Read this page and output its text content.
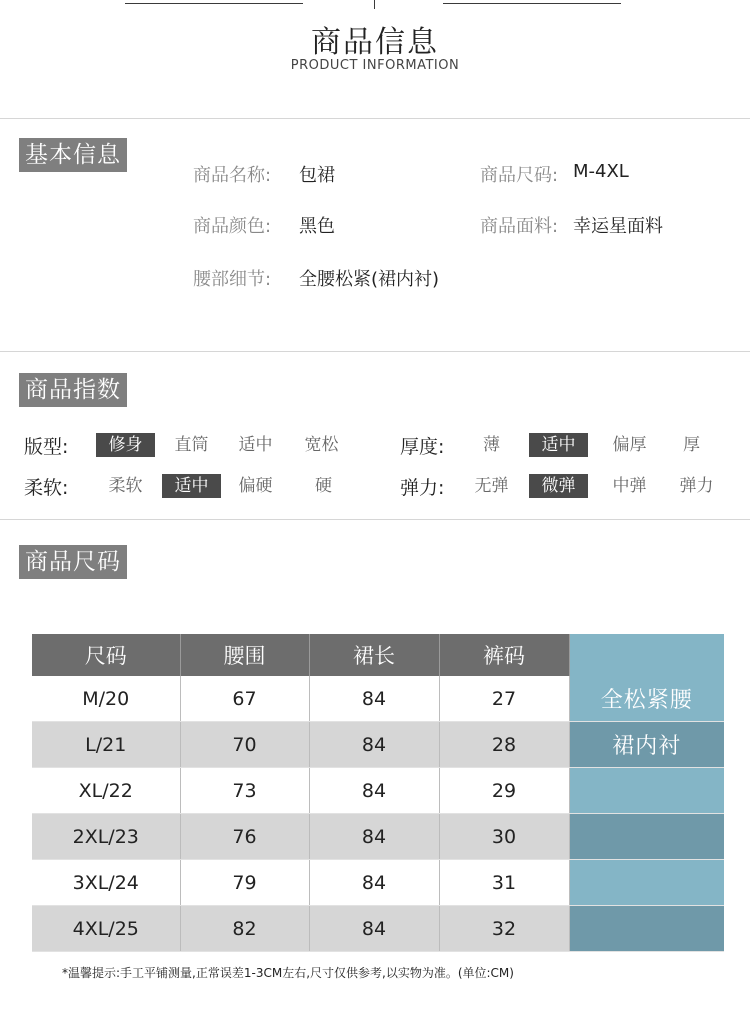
商品信息
PRODUCT INFORMATION
基本信息
商品名称: 包裙	商品尺码: M-4XL
商品颜色: 黑色	商品面料: 幸运星面料
腰部细节: 全腰松紧(裙内衬)
商品指数
版型:	修身	直筒	适中	宽松	厚度:	薄	适中	偏厚	厚
柔软:	柔软	适中	偏硬	硬	弹力:	无弹	微弹	中弹	弹力
商品尺码
尺码	腰围	裙长	裤码	
M/20	67	84	27	全松紧腰
L/21	70	84	28	裙内衬
XL/22	73	84	29	
2XL/23	76	84	30	
3XL/24	79	84	31	
4XL/25	82	84	32	
*温馨提示:手工平铺测量,正常误差1-3CM左右,尺寸仅供参考,以实物为准。(单位:CM)
